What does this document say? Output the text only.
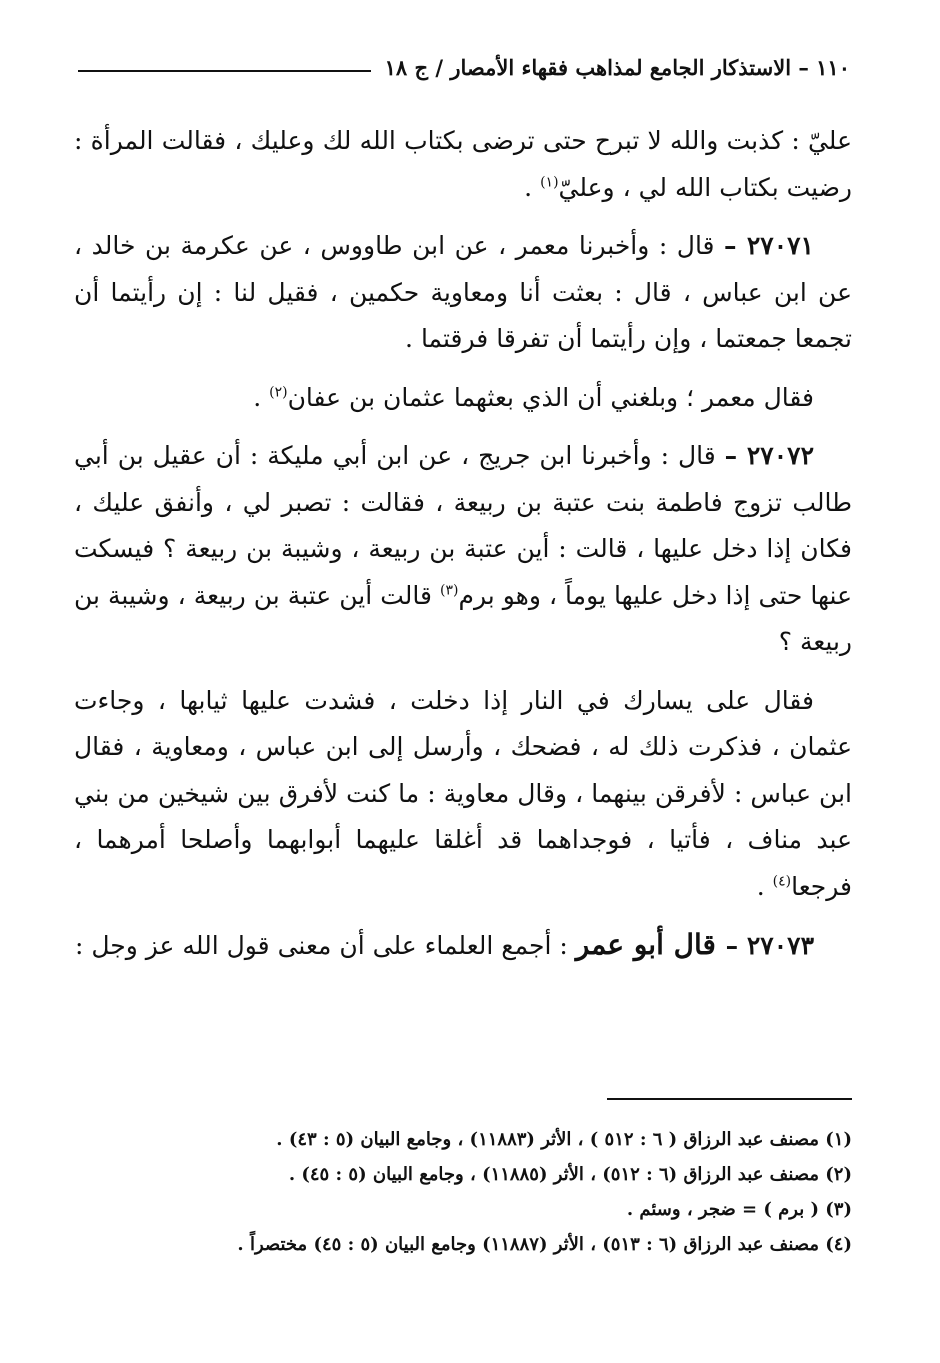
١١٠ – الاستذكار الجامع لمذاهب فقهاء الأمصار / ج ١٨

عليّ : كذبت والله لا تبرح حتى ترضى بكتاب الله لك وعليك ، فقالت المرأة : رضيت بكتاب الله لي ، وعليّ$^{(١)}$ .

٢٧٠٧١ – قال : وأخبرنا معمر ، عن ابن طاووس ، عن عكرمة بن خالد ، عن ابن عباس ، قال : بعثت أنا ومعاوية حكمين ، فقيل لنا : إن رأيتما أن تجمعا جمعتما ، وإن رأيتما أن تفرقا فرقتما .

فقال معمر ؛ وبلغني أن الذي بعثهما عثمان بن عفان$^{(٢)}$ .

٢٧٠٧٢ – قال : وأخبرنا ابن جريج ، عن ابن أبي مليكة : أن عقيل بن أبي طالب تزوج فاطمة بنت عتبة بن ربيعة ، فقالت : تصبر لي ، وأنفق عليك ، فكان إذا دخل عليها ، قالت : أين عتبة بن ربيعة ، وشيبة بن ربيعة ؟ فيسكت عنها حتى إذا دخل عليها يوماً ، وهو برم$^{(٣)}$ قالت أين عتبة بن ربيعة ، وشيبة بن ربيعة ؟

فقال على يسارك في النار إذا دخلت ، فشدت عليها ثيابها ، وجاءت عثمان ، فذكرت ذلك له ، فضحك ، وأرسل إلى ابن عباس ، ومعاوية ، فقال ابن عباس : لأفرقن بينهما ، وقال معاوية : ما كنت لأفرق بين شيخين من بني عبد مناف ، فأتيا ، فوجداهما قد أغلقا عليهما أبوابهما وأصلحا أمرهما ، فرجعا$^{(٤)}$ .

٢٧٠٧٣ – قال أبو عمر : أجمع العلماء على أن معنى قول الله عز وجل :

(١) مصنف عبد الرزاق ( ٦ : ٥١٢ ) ، الأثر (١١٨٨٣) ، وجامع البيان (٥ : ٤٣) .

(٢) مصنف عبد الرزاق (٦ : ٥١٢) ، الأثر (١١٨٨٥) ، وجامع البيان (٥ : ٤٥) .

(٣) ( برم ) = ضجر ، وسئم .

(٤) مصنف عبد الرزاق (٦ : ٥١٣) ، الأثر (١١٨٨٧) وجامع البيان (٥ : ٤٥) مختصراً .
